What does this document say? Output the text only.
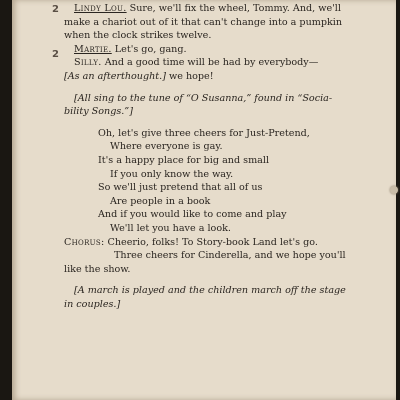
2
2

Lindy Lou. Sure, we'll fix the wheel, Tommy. And, we'll

make a chariot out of it that can't change into a pumpkin

when the clock strikes twelve.

Martie. Let's go, gang.

Silly. And a good time will be had by everybody—

[As an afterthought.] we hope!

[All sing to the tune of “O Susanna,” found in “Socia-

bility Songs.”]

Oh, let's give three cheers for Just-Pretend,

Where everyone is gay.

It's a happy place for big and small

If you only know the way.

So we'll just pretend that all of us

Are people in a book

And if you would like to come and play

We'll let you have a look.

Chorus: Cheerio, folks! To Story-book Land let's go.

Three cheers for Cinderella, and we hope you'll

like the show.

[A march is played and the children march off the stage

in couples.]
